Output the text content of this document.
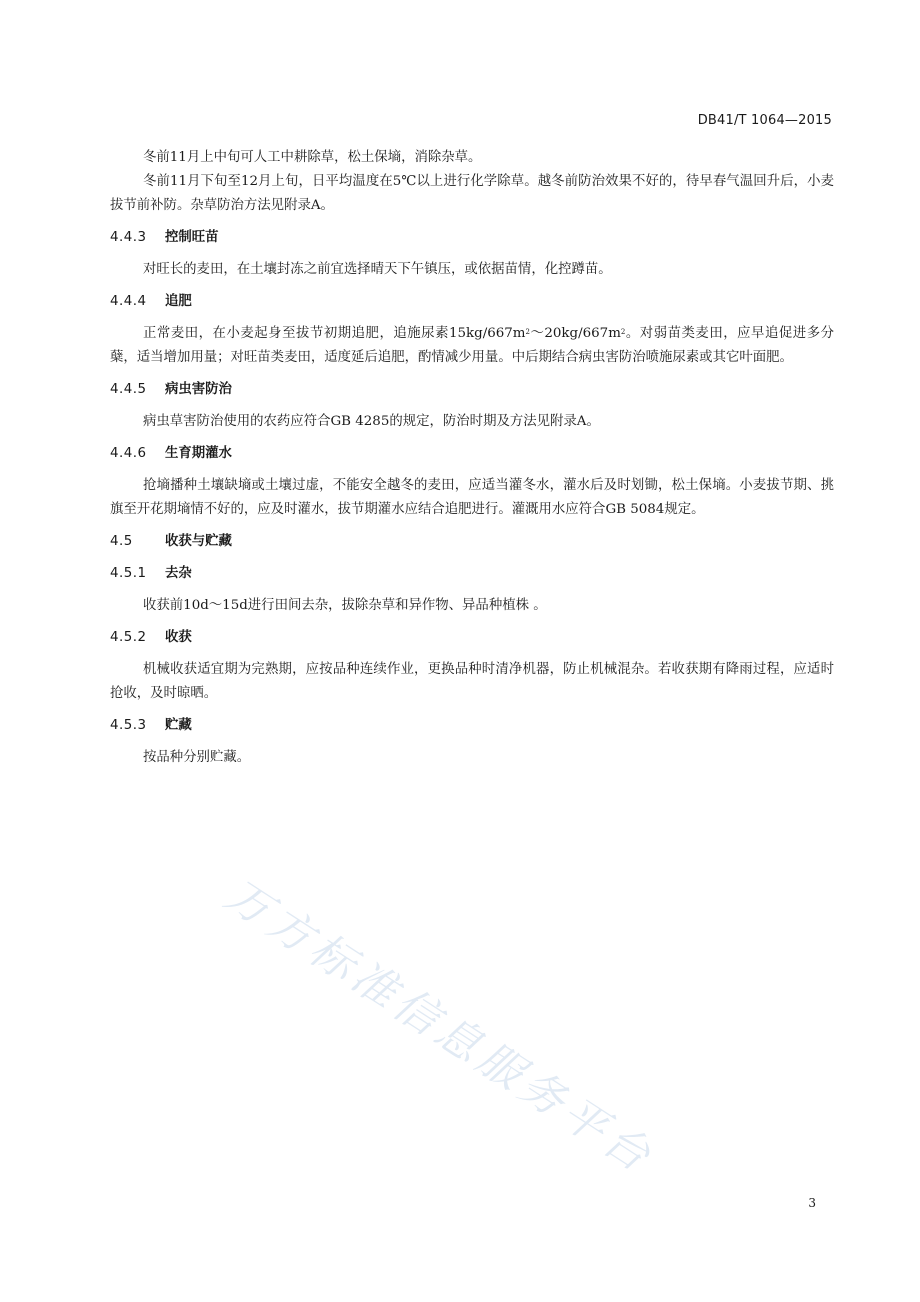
DB41/T 1064—2015

冬前11月上中旬可人工中耕除草，松土保墒，消除杂草。

冬前11月下旬至12月上旬，日平均温度在5℃以上进行化学除草。越冬前防治效果不好的，待早春气温回升后，小麦拔节前补防。杂草防治方法见附录A。

4.4.3 控制旺苗

对旺长的麦田，在土壤封冻之前宜选择晴天下午镇压，或依据苗情，化控蹲苗。

4.4.4 追肥

正常麦田，在小麦起身至拔节初期追肥，追施尿素$15kg/667m^2\sim 20kg/667m^2$。对弱苗类麦田，应早追促进多分蘖，适当增加用量；对旺苗类麦田，适度延后追肥，酌情减少用量。中后期结合病虫害防治喷施尿素或其它叶面肥。

4.4.5 病虫害防治

病虫草害防治使用的农药应符合GB 4285的规定，防治时期及方法见附录A。

4.4.6 生育期灌水

抢墒播种土壤缺墒或土壤过虚，不能安全越冬的麦田，应适当灌冬水，灌水后及时划锄，松土保墒。小麦拔节期、挑旗至开花期墒情不好的，应及时灌水，拔节期灌水应结合追肥进行。灌溉用水应符合GB 5084规定。

4.5 收获与贮藏

4.5.1 去杂

收获前10d～15d进行田间去杂，拔除杂草和异作物、异品种植株 。

4.5.2 收获

机械收获适宜期为完熟期，应按品种连续作业，更换品种时清净机器，防止机械混杂。若收获期有降雨过程，应适时抢收，及时晾晒。

4.5.3 贮藏

按品种分别贮藏。

万方标准信息服务平台
3
